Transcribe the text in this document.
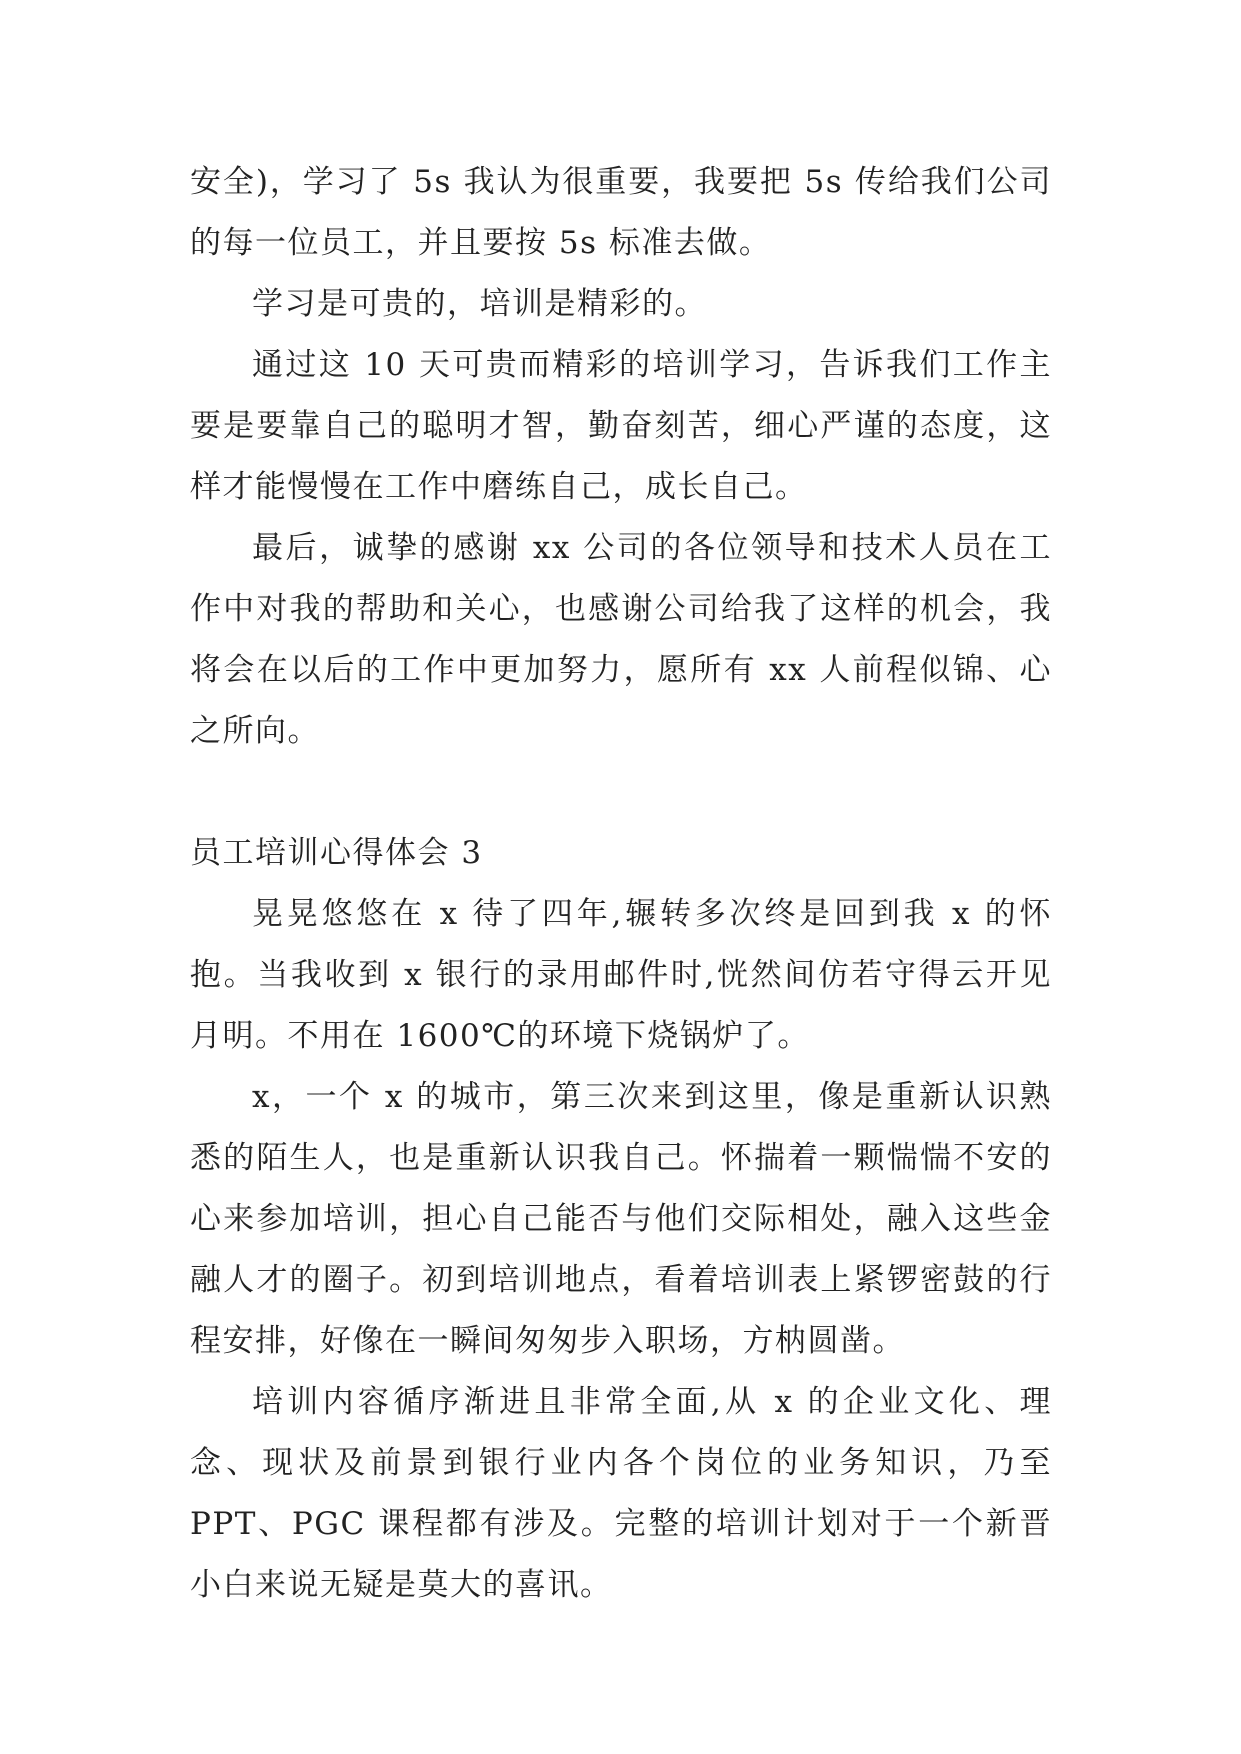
安全)，学习了 5s 我认为很重要，我要把 5s 传给我们公司的每一位员工，并且要按 5s 标准去做。

学习是可贵的，培训是精彩的。

通过这 10 天可贵而精彩的培训学习，告诉我们工作主要是要靠自己的聪明才智，勤奋刻苦，细心严谨的态度，这样才能慢慢在工作中磨练自己，成长自己。

最后，诚挚的感谢 xx 公司的各位领导和技术人员在工作中对我的帮助和关心，也感谢公司给我了这样的机会，我将会在以后的工作中更加努力，愿所有 xx 人前程似锦、心之所向。

员工培训心得体会 3

晃晃悠悠在 x 待了四年,辗转多次终是回到我 x 的怀抱。当我收到 x 银行的录用邮件时,恍然间仿若守得云开见月明。不用在 1600℃的环境下烧锅炉了。

x，一个 x 的城市，第三次来到这里，像是重新认识熟悉的陌生人，也是重新认识我自己。怀揣着一颗惴惴不安的心来参加培训，担心自己能否与他们交际相处，融入这些金融人才的圈子。初到培训地点，看着培训表上紧锣密鼓的行程安排，好像在一瞬间匆匆步入职场，方枘圆凿。

培训内容循序渐进且非常全面,从 x 的企业文化、理念、现状及前景到银行业内各个岗位的业务知识，乃至 PPT、PGC 课程都有涉及。完整的培训计划对于一个新晋小白来说无疑是莫大的喜讯。
